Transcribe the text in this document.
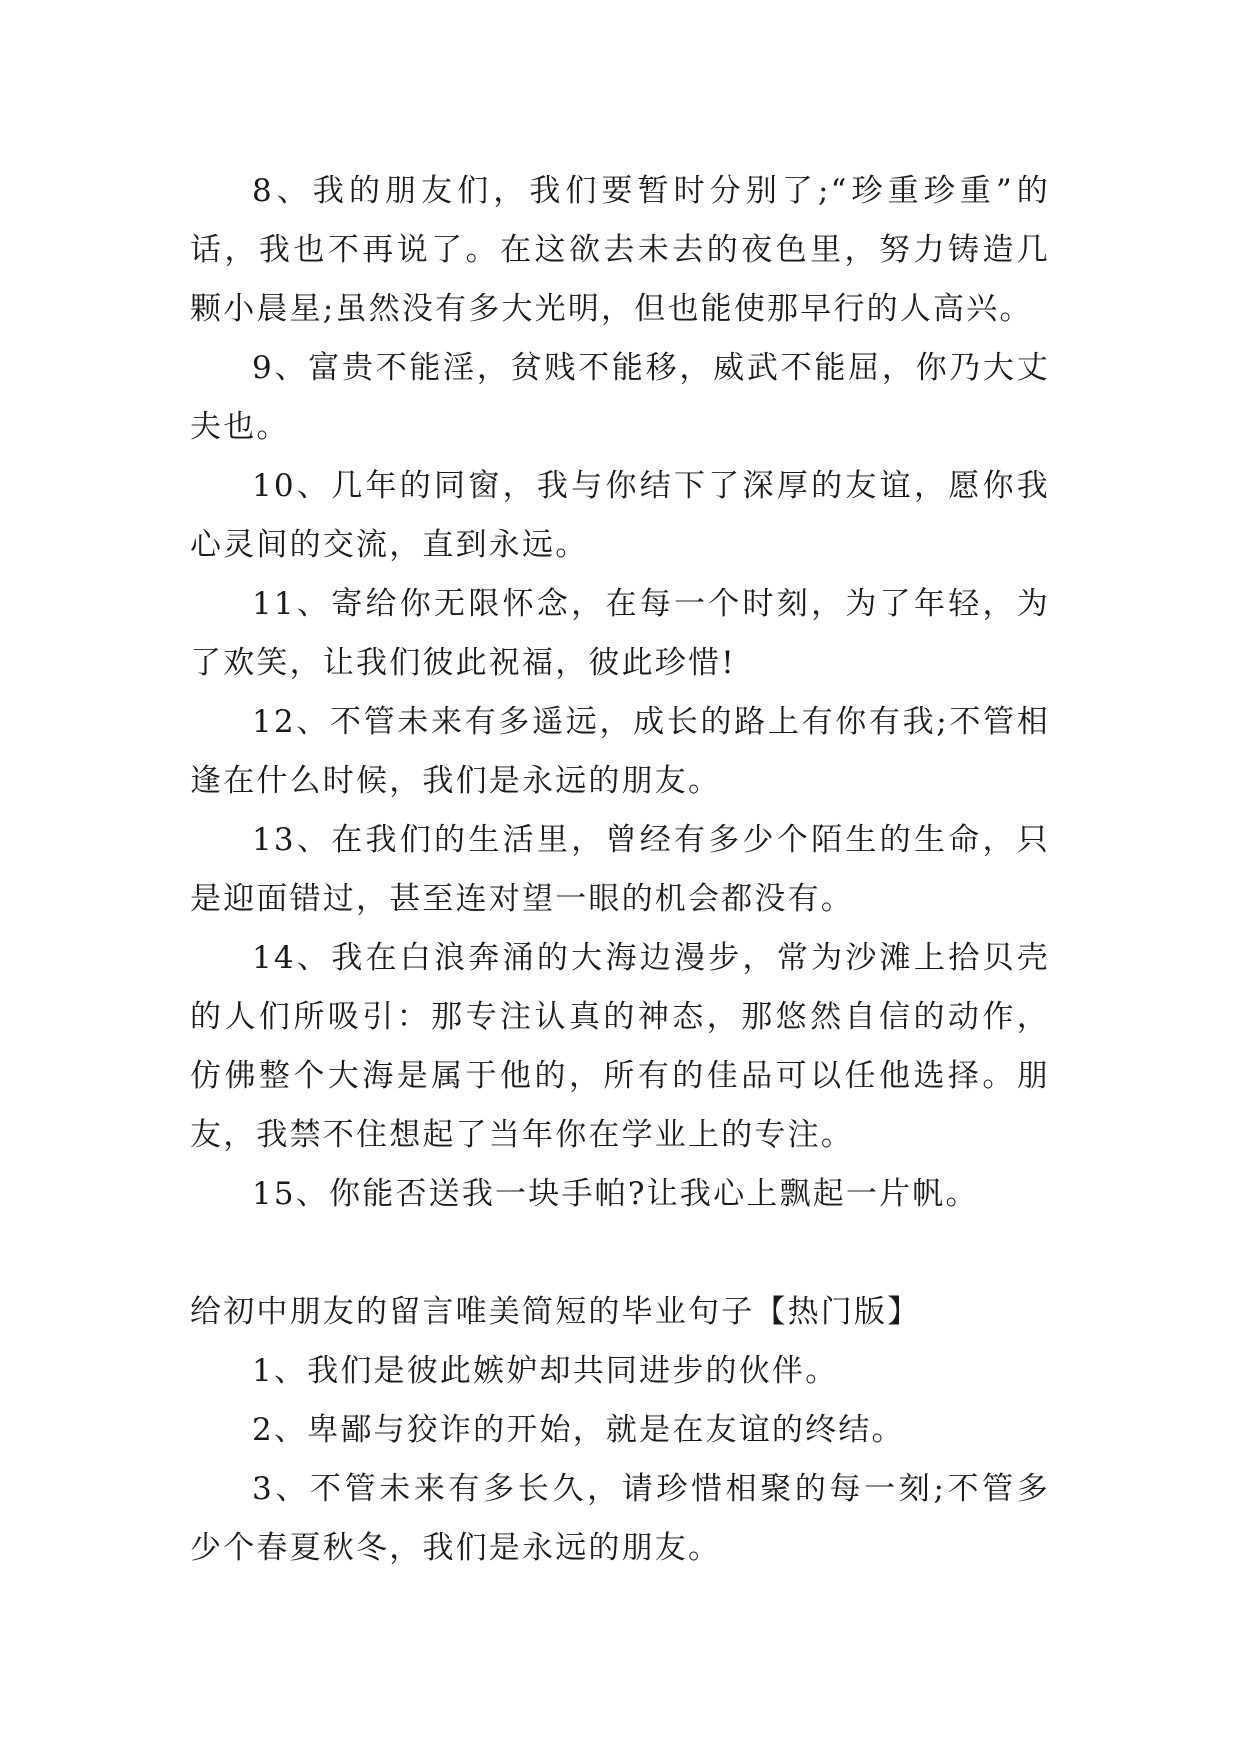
8、我的朋友们，我们要暂时分别了;“珍重珍重”的话，我也不再说了。在这欲去未去的夜色里，努力铸造几颗小晨星;虽然没有多大光明，但也能使那早行的人高兴。

9、富贵不能淫，贫贱不能移，威武不能屈，你乃大丈夫也。

10、几年的同窗，我与你结下了深厚的友谊，愿你我心灵间的交流，直到永远。

11、寄给你无限怀念，在每一个时刻，为了年轻，为了欢笑，让我们彼此祝福，彼此珍惜!

12、不管未来有多遥远，成长的路上有你有我;不管相逢在什么时候，我们是永远的朋友。

13、在我们的生活里，曾经有多少个陌生的生命，只是迎面错过，甚至连对望一眼的机会都没有。

14、我在白浪奔涌的大海边漫步，常为沙滩上拾贝壳的人们所吸引：那专注认真的神态，那悠然自信的动作，仿佛整个大海是属于他的，所有的佳品可以任他选择。朋友，我禁不住想起了当年你在学业上的专注。

15、你能否送我一块手帕?让我心上飘起一片帆。

给初中朋友的留言唯美简短的毕业句子【热门版】

1、我们是彼此嫉妒却共同进步的伙伴。

2、卑鄙与狡诈的开始，就是在友谊的终结。

3、不管未来有多长久，请珍惜相聚的每一刻;不管多少个春夏秋冬，我们是永远的朋友。
